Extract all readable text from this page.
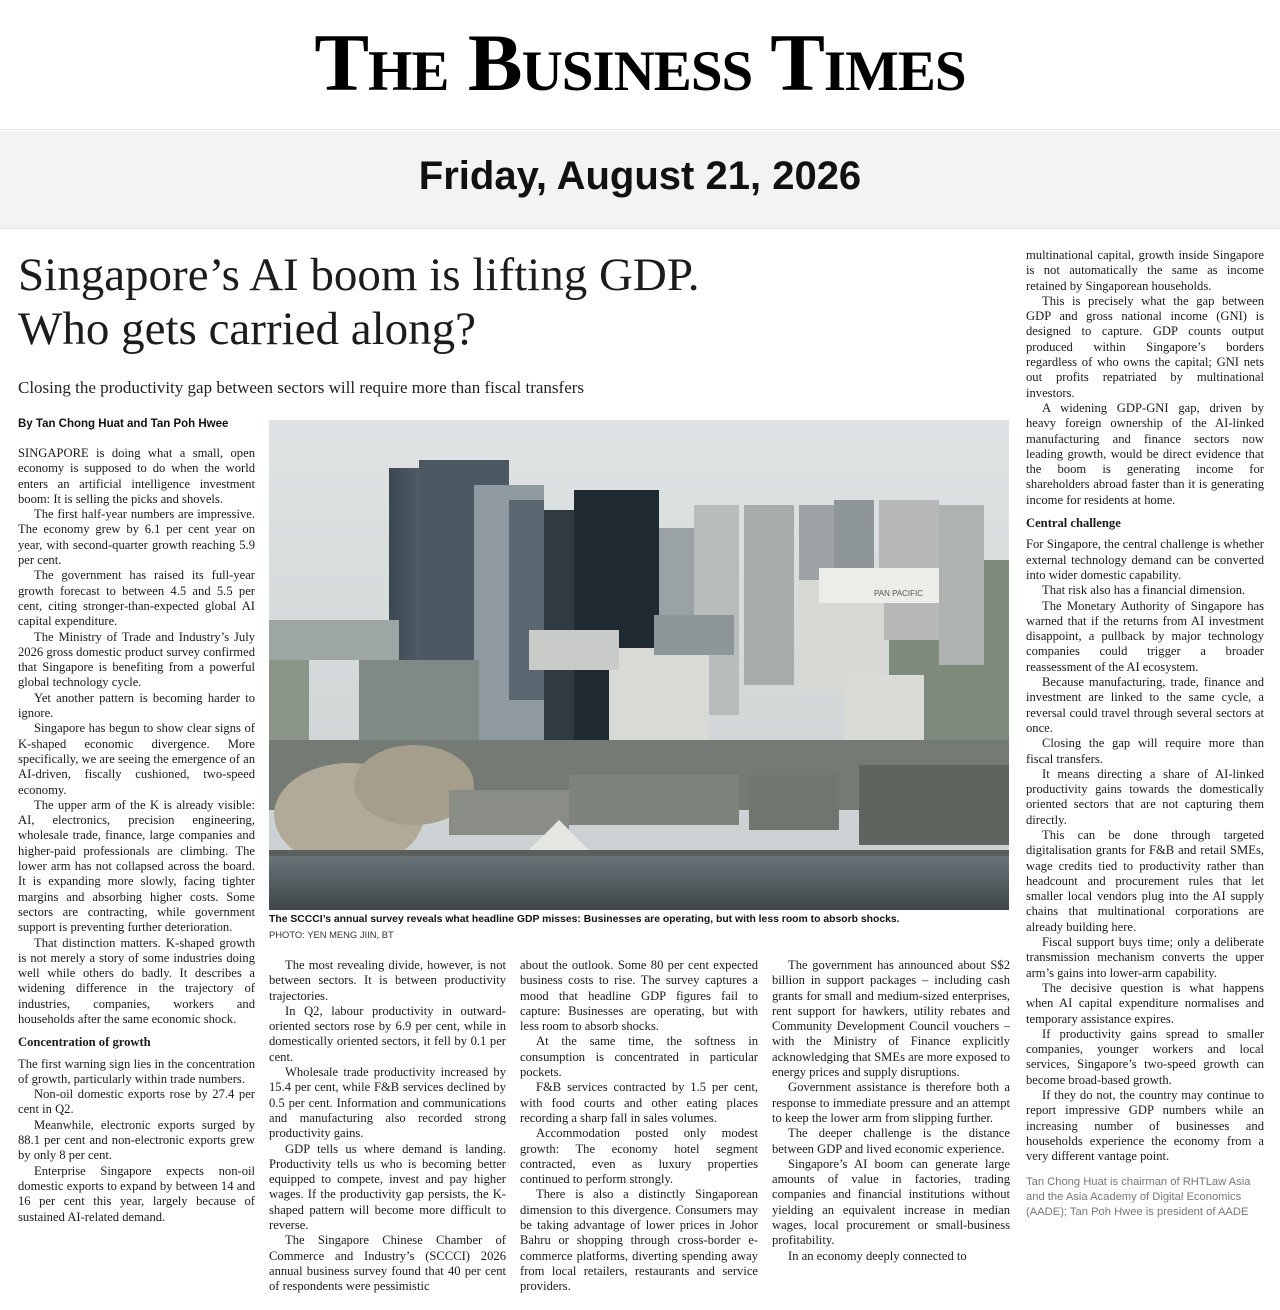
The Business Times
Friday, August 21, 2026
Singapore’s AI boom is lifting GDP.
Who gets carried along?
Closing the productivity gap between sectors will require more than fiscal transfers
By Tan Chong Huat and Tan Poh Hwee

SINGAPORE is doing what a small, open economy is supposed to do when the world enters an artificial intelligence investment boom: It is selling the picks and shovels.

The first half-year numbers are impressive. The economy grew by 6.1 per cent year on year, with second-quarter growth reaching 5.9 per cent.

The government has raised its full-year growth forecast to between 4.5 and 5.5 per cent, citing stronger-than-expected global AI capital expenditure.

The Ministry of Trade and Industry’s July 2026 gross domestic product survey confirmed that Singapore is benefiting from a powerful global technology cycle.

Yet another pattern is becoming harder to ignore.

Singapore has begun to show clear signs of K-shaped economic divergence. More specifically, we are seeing the emergence of an AI-driven, fiscally cushioned, two-speed economy.

The upper arm of the K is already visible: AI, electronics, precision engineering, wholesale trade, finance, large companies and higher-paid professionals are climbing. The lower arm has not collapsed across the board. It is expanding more slowly, facing tighter margins and absorbing higher costs. Some sectors are contracting, while government support is preventing further deterioration.

That distinction matters. K-shaped growth is not merely a story of some industries doing well while others do badly. It describes a widening difference in the trajectory of industries, companies, workers and households after the same economic shock.

Concentration of growth

The first warning sign lies in the concentration of growth, particularly within trade numbers.

Non-oil domestic exports rose by 27.4 per cent in Q2.

Meanwhile, electronic exports surged by 88.1 per cent and non-electronic exports grew by only 8 per cent.

Enterprise Singapore expects non-oil domestic exports to expand by between 14 and 16 per cent this year, largely because of sustained AI-related demand.

PAN PACIFIC
The SCCCI’s annual survey reveals what headline GDP misses: Businesses are operating, but with less room to absorb shocks.
PHOTO: YEN MENG JIIN, BT

The most revealing divide, however, is not between sectors. It is between productivity trajectories.

In Q2, labour productivity in outward-oriented sectors rose by 6.9 per cent, while in domestically oriented sectors, it fell by 0.1 per cent.

Wholesale trade productivity increased by 15.4 per cent, while F&B services declined by 0.5 per cent. Information and communications and manufacturing also recorded strong productivity gains.

GDP tells us where demand is landing. Productivity tells us who is becoming better equipped to compete, invest and pay higher wages. If the productivity gap persists, the K-shaped pattern will become more difficult to reverse.

The Singapore Chinese Chamber of Commerce and Industry’s (SCCCI) 2026 annual business survey found that 40 per cent of respondents were pessimistic

about the outlook. Some 80 per cent expected business costs to rise. The survey captures a mood that headline GDP figures fail to capture: Businesses are operating, but with less room to absorb shocks.

At the same time, the softness in consumption is concentrated in particular pockets.

F&B services contracted by 1.5 per cent, with food courts and other eating places recording a sharp fall in sales volumes.

Accommodation posted only modest growth: The economy hotel segment contracted, even as luxury properties continued to perform strongly.

There is also a distinctly Singaporean dimension to this divergence. Consumers may be taking advantage of lower prices in Johor Bahru or shopping through cross-border e-commerce platforms, diverting spending away from local retailers, restaurants and service providers.

The government has announced about S$2 billion in support packages – including cash grants for small and medium-sized enterprises, rent support for hawkers, utility rebates and Community Development Council vouchers – with the Ministry of Finance explicitly acknowledging that SMEs are more exposed to energy prices and supply disruptions.

Government assistance is therefore both a response to immediate pressure and an attempt to keep the lower arm from slipping further.

The deeper challenge is the distance between GDP and lived economic experience.

Singapore’s AI boom can generate large amounts of value in factories, trading companies and financial institutions without yielding an equivalent increase in median wages, local procurement or small-business profitability.

In an economy deeply connected to

multinational capital, growth inside Singapore is not automatically the same as income retained by Singaporean households.

This is precisely what the gap between GDP and gross national income (GNI) is designed to capture. GDP counts output produced within Singapore’s borders regardless of who owns the capital; GNI nets out profits repatriated by multinational investors.

A widening GDP-GNI gap, driven by heavy foreign ownership of the AI-linked manufacturing and finance sectors now leading growth, would be direct evidence that the boom is generating income for shareholders abroad faster than it is generating income for residents at home.

Central challenge

For Singapore, the central challenge is whether external technology demand can be converted into wider domestic capability.

That risk also has a financial dimension.

The Monetary Authority of Singapore has warned that if the returns from AI investment disappoint, a pullback by major technology companies could trigger a broader reassessment of the AI ecosystem.

Because manufacturing, trade, finance and investment are linked to the same cycle, a reversal could travel through several sectors at once.

Closing the gap will require more than fiscal transfers.

It means directing a share of AI-linked productivity gains towards the domestically oriented sectors that are not capturing them directly.

This can be done through targeted digitalisation grants for F&B and retail SMEs, wage credits tied to productivity rather than headcount and procurement rules that let smaller local vendors plug into the AI supply chains that multinational corporations are already building here.

Fiscal support buys time; only a deliberate transmission mechanism converts the upper arm’s gains into lower-arm capability.

The decisive question is what happens when AI capital expenditure normalises and temporary assistance expires.

If productivity gains spread to smaller companies, younger workers and local services, Singapore’s two-speed growth can become broad-based growth.

If they do not, the country may continue to report impressive GDP numbers while an increasing number of businesses and households experience the economy from a very different vantage point.

Tan Chong Huat is chairman of RHTLaw Asia and the Asia Academy of Digital Economics (AADE); Tan Poh Hwee is president of AADE
